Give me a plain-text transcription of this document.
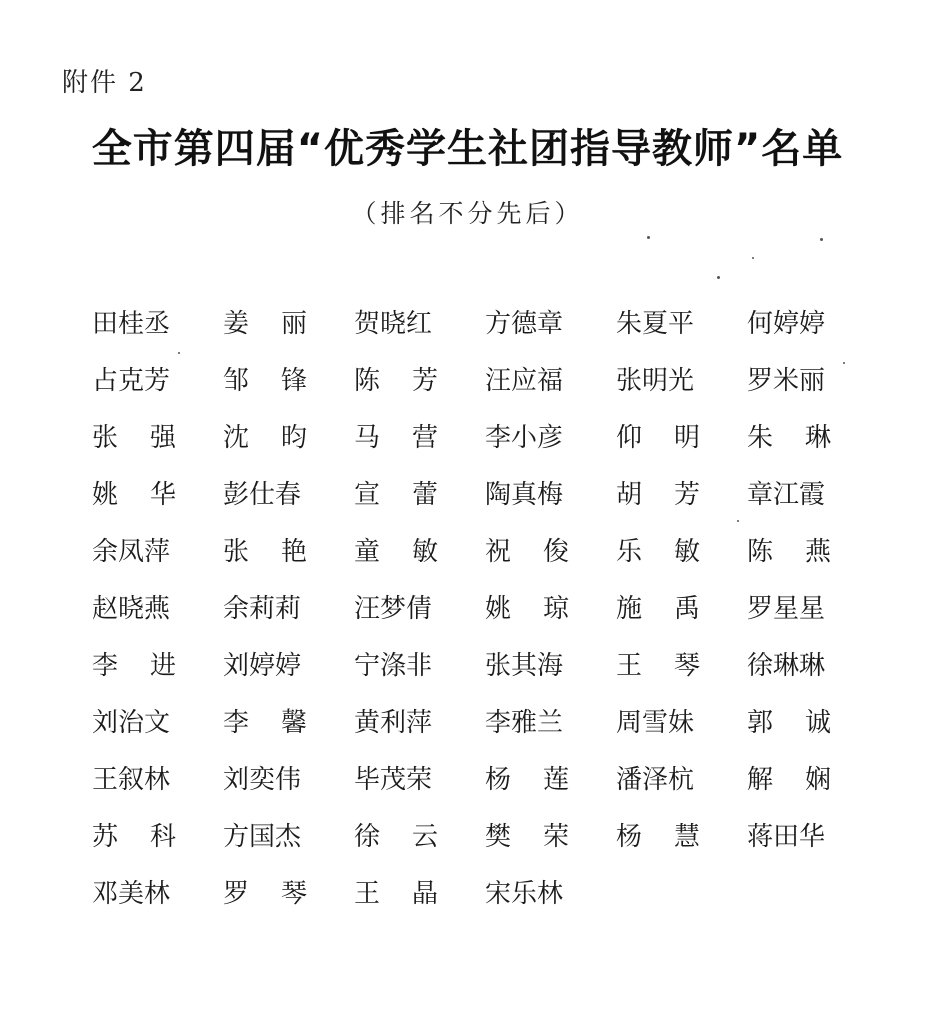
附件 2
全市第四届“优秀学生社团指导教师”名单
（排名不分先后）
田桂丞 姜 丽 贺晓红 方德章 朱夏平 何婷婷
占克芳 邹 锋 陈 芳 汪应福 张明光 罗米丽
张 强 沈 昀 马 营 李小彦 仰 明 朱 琳
姚 华 彭仕春 宣 蕾 陶真梅 胡 芳 章江霞
余凤萍 张 艳 童 敏 祝 俊 乐 敏 陈 燕
赵晓燕 余莉莉 汪梦倩 姚 琼 施 禹 罗星星
李 进 刘婷婷 宁涤非 张其海 王 琴 徐琳琳
刘治文 李 馨 黄利萍 李雅兰 周雪妹 郭 诚
王叙林 刘奕伟 毕茂荣 杨 莲 潘泽杭 解 娴
苏 科 方国杰 徐 云 樊 荣 杨 慧 蒋田华
邓美林 罗 琴 王 晶 宋乐林
